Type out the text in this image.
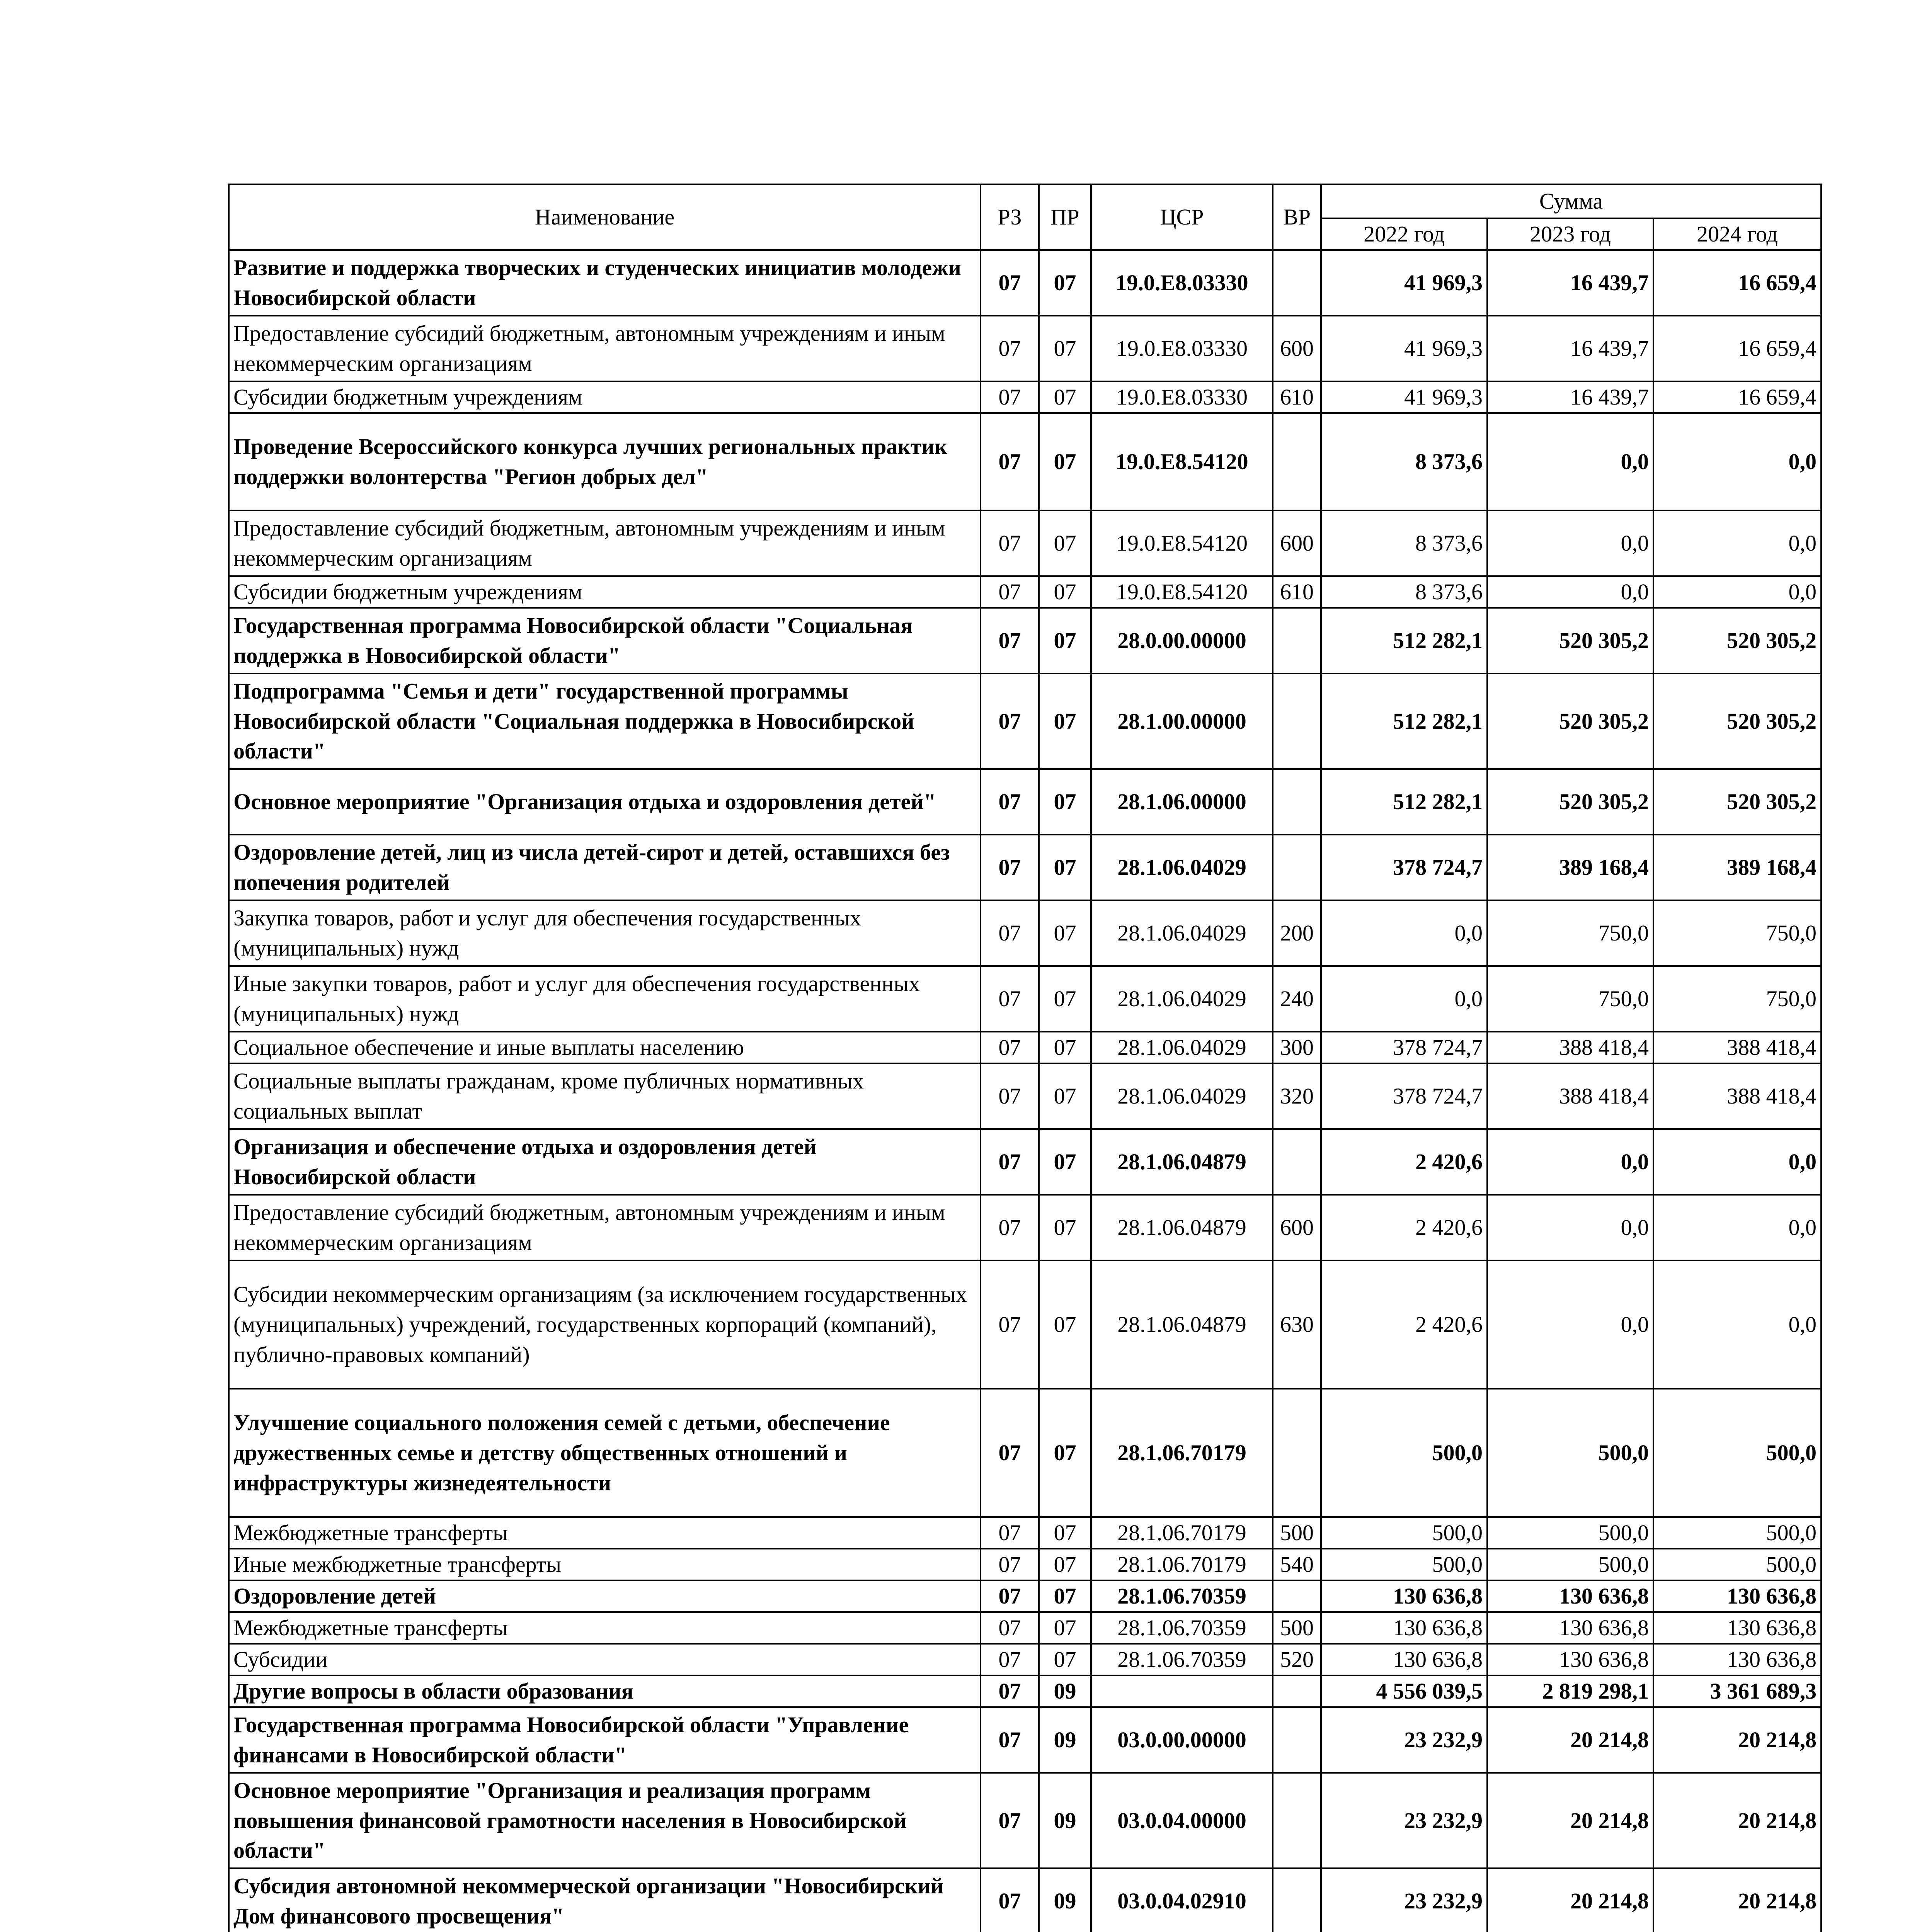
Наименование	РЗ	ПР	ЦСР	ВР	Сумма		
					2022 год	2023 год	2024 год
Развитие и поддержка творческих и студенческих инициатив молодежи Новосибирской области	07	07	19.0.E8.03330		41 969,3	16 439,7	16 659,4
Предоставление субсидий бюджетным, автономным учреждениям и иным некоммерческим организациям	07	07	19.0.E8.03330	600	41 969,3	16 439,7	16 659,4
Субсидии бюджетным учреждениям	07	07	19.0.E8.03330	610	41 969,3	16 439,7	16 659,4
Проведение Всероссийского конкурса лучших региональных практик поддержки волонтерства "Регион добрых дел"	07	07	19.0.E8.54120		8 373,6	0,0	0,0
Предоставление субсидий бюджетным, автономным учреждениям и иным некоммерческим организациям	07	07	19.0.E8.54120	600	8 373,6	0,0	0,0
Субсидии бюджетным учреждениям	07	07	19.0.E8.54120	610	8 373,6	0,0	0,0
Государственная программа Новосибирской области "Социальная поддержка в Новосибирской области"	07	07	28.0.00.00000		512 282,1	520 305,2	520 305,2
Подпрограмма "Семья и дети" государственной программы Новосибирской области "Социальная поддержка в Новосибирской области"	07	07	28.1.00.00000		512 282,1	520 305,2	520 305,2
Основное мероприятие "Организация отдыха и оздоровления детей"	07	07	28.1.06.00000		512 282,1	520 305,2	520 305,2
Оздоровление детей, лиц из числа детей-сирот и детей, оставшихся без попечения родителей	07	07	28.1.06.04029		378 724,7	389 168,4	389 168,4
Закупка товаров, работ и услуг для обеспечения государственных (муниципальных) нужд	07	07	28.1.06.04029	200	0,0	750,0	750,0
Иные закупки товаров, работ и услуг для обеспечения государственных (муниципальных) нужд	07	07	28.1.06.04029	240	0,0	750,0	750,0
Социальное обеспечение и иные выплаты населению	07	07	28.1.06.04029	300	378 724,7	388 418,4	388 418,4
Социальные выплаты гражданам, кроме публичных нормативных социальных выплат	07	07	28.1.06.04029	320	378 724,7	388 418,4	388 418,4
Организация и обеспечение отдыха и оздоровления детей Новосибирской области	07	07	28.1.06.04879		2 420,6	0,0	0,0
Предоставление субсидий бюджетным, автономным учреждениям и иным некоммерческим организациям	07	07	28.1.06.04879	600	2 420,6	0,0	0,0
Субсидии некоммерческим организациям (за исключением государственных (муниципальных) учреждений, государственных корпораций (компаний), публично-правовых компаний)	07	07	28.1.06.04879	630	2 420,6	0,0	0,0
Улучшение социального положения семей с детьми, обеспечение дружественных семье и детству общественных отношений и инфраструктуры жизнедеятельности	07	07	28.1.06.70179		500,0	500,0	500,0
Межбюджетные трансферты	07	07	28.1.06.70179	500	500,0	500,0	500,0
Иные межбюджетные трансферты	07	07	28.1.06.70179	540	500,0	500,0	500,0
Оздоровление детей	07	07	28.1.06.70359		130 636,8	130 636,8	130 636,8
Межбюджетные трансферты	07	07	28.1.06.70359	500	130 636,8	130 636,8	130 636,8
Субсидии	07	07	28.1.06.70359	520	130 636,8	130 636,8	130 636,8
Другие вопросы в области образования	07	09			4 556 039,5	2 819 298,1	3 361 689,3
Государственная программа Новосибирской области "Управление финансами в Новосибирской области"	07	09	03.0.00.00000		23 232,9	20 214,8	20 214,8
Основное мероприятие "Организация и реализация программ повышения финансовой грамотности населения в Новосибирской области"	07	09	03.0.04.00000		23 232,9	20 214,8	20 214,8
Субсидия автономной некоммерческой организации "Новосибирский Дом финансового просвещения"	07	09	03.0.04.02910		23 232,9	20 214,8	20 214,8
